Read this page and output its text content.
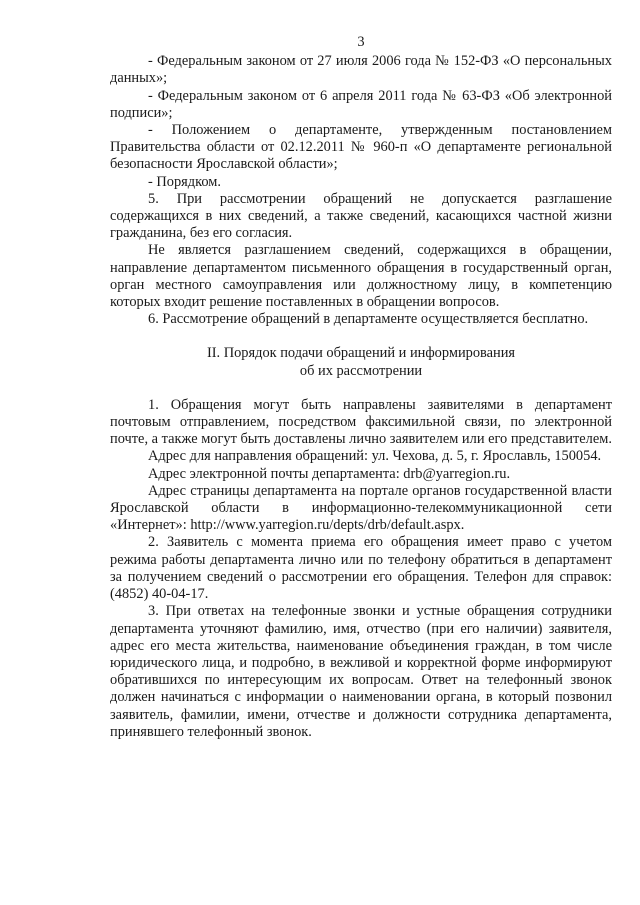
3

- Федеральным законом от 27 июля 2006 года № 152-ФЗ «О персональных данных»;

- Федеральным законом от 6 апреля 2011 года № 63-ФЗ «Об электронной подписи»;

- Положением о департаменте, утвержденным постановлением Правительства области от 02.12.2011 № 960-п «О департаменте региональной безопасности Ярославской области»;

- Порядком.

5. При рассмотрении обращений не допускается разглашение содержащихся в них сведений, а также сведений, касающихся частной жизни гражданина, без его согласия.

Не является разглашением сведений, содержащихся в обращении, направление департаментом письменного обращения в государственный орган, орган местного самоуправления или должностному лицу, в компетенцию которых входит решение поставленных в обращении вопросов.

6. Рассмотрение обращений в департаменте осуществляется бесплатно.

II. Порядок подачи обращений и информирования
об их рассмотрении

1. Обращения могут быть направлены заявителями в департамент почтовым отправлением, посредством факсимильной связи, по электронной почте, а также могут быть доставлены лично заявителем или его представителем.

Адрес для направления обращений: ул. Чехова, д. 5, г. Ярославль, 150054.

Адрес электронной почты департамента: drb@yarregion.ru.

Адрес страницы департамента на портале органов государственной власти Ярославской области в информационно-телекоммуникационной сети «Интернет»: http://www.yarregion.ru/depts/drb/default.aspx.

2. Заявитель с момента приема его обращения имеет право с учетом режима работы департамента лично или по телефону обратиться в департамент за получением сведений о рассмотрении его обращения. Телефон для справок: (4852) 40-04-17.

3. При ответах на телефонные звонки и устные обращения сотрудники департамента уточняют фамилию, имя, отчество (при его наличии) заявителя, адрес его места жительства, наименование объединения граждан, в том числе юридического лица, и подробно, в вежливой и корректной форме информируют обратившихся по интересующим их вопросам. Ответ на телефонный звонок должен начинаться с информации о наименовании органа, в который позвонил заявитель, фамилии, имени, отчестве и должности сотрудника департамента, принявшего телефонный звонок.
